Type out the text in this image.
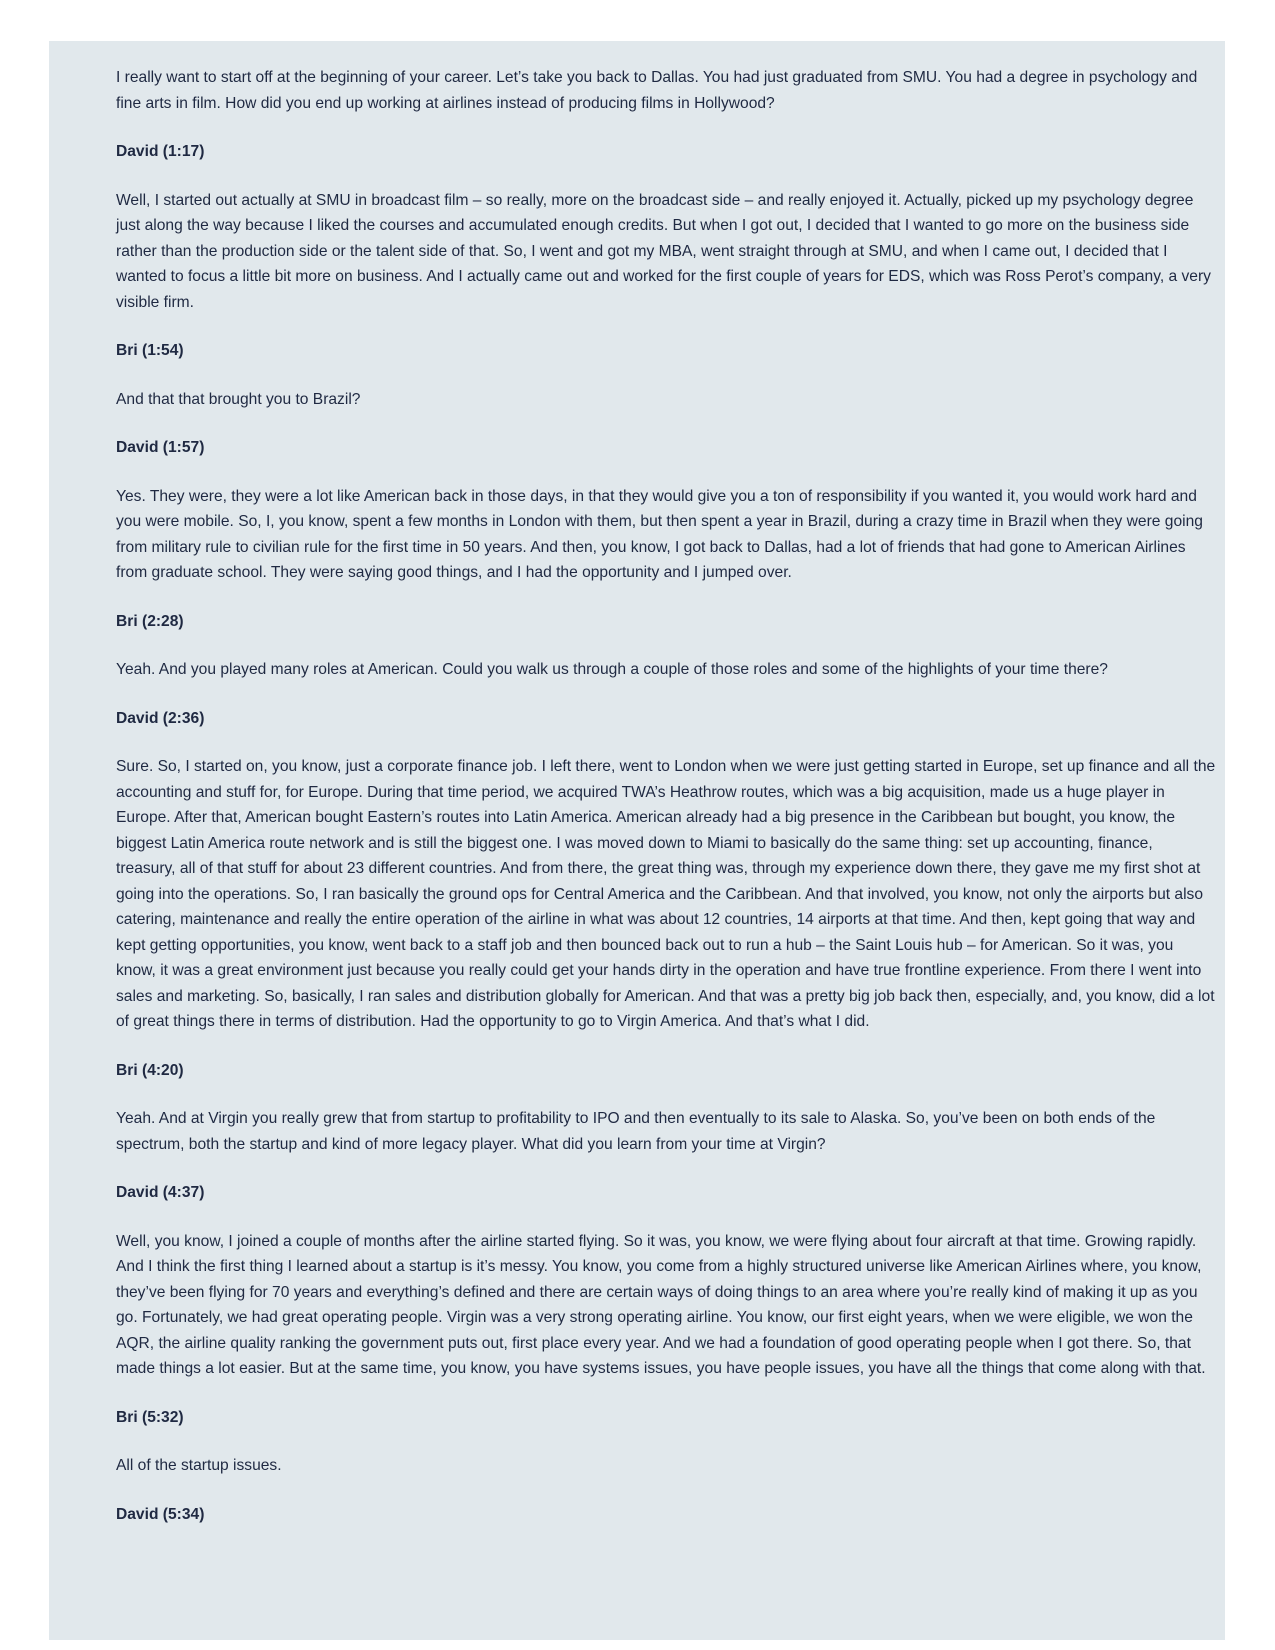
I really want to start off at the beginning of your career. Let’s take you back to Dallas. You had just graduated from SMU. You had a degree in psychology and fine arts in film. How did you end up working at airlines instead of producing films in Hollywood?

David (1:17)

Well, I started out actually at SMU in broadcast film – so really, more on the broadcast side – and really enjoyed it. Actually, picked up my psychology degree just along the way because I liked the courses and accumulated enough credits. But when I got out, I decided that I wanted to go more on the business side rather than the production side or the talent side of that. So, I went and got my MBA, went straight through at SMU, and when I came out, I decided that I wanted to focus a little bit more on business. And I actually came out and worked for the first couple of years for EDS, which was Ross Perot’s company, a very visible firm.

Bri (1:54)

And that that brought you to Brazil?

David (1:57)

Yes. They were, they were a lot like American back in those days, in that they would give you a ton of responsibility if you wanted it, you would work hard and you were mobile. So, I, you know, spent a few months in London with them, but then spent a year in Brazil, during a crazy time in Brazil when they were going from military rule to civilian rule for the first time in 50 years. And then, you know, I got back to Dallas, had a lot of friends that had gone to American Airlines from graduate school. They were saying good things, and I had the opportunity and I jumped over.

Bri (2:28)

Yeah. And you played many roles at American. Could you walk us through a couple of those roles and some of the highlights of your time there?

David (2:36)

Sure. So, I started on, you know, just a corporate finance job. I left there, went to London when we were just getting started in Europe, set up finance and all the accounting and stuff for, for Europe. During that time period, we acquired TWA’s Heathrow routes, which was a big acquisition, made us a huge player in Europe. After that, American bought Eastern’s routes into Latin America. American already had a big presence in the Caribbean but bought, you know, the biggest Latin America route network and is still the biggest one. I was moved down to Miami to basically do the same thing: set up accounting, finance, treasury, all of that stuff for about 23 different countries. And from there, the great thing was, through my experience down there, they gave me my first shot at going into the operations. So, I ran basically the ground ops for Central America and the Caribbean. And that involved, you know, not only the airports but also catering, maintenance and really the entire operation of the airline in what was about 12 countries, 14 airports at that time. And then, kept going that way and kept getting opportunities, you know, went back to a staff job and then bounced back out to run a hub – the Saint Louis hub – for American. So it was, you know, it was a great environment just because you really could get your hands dirty in the operation and have true frontline experience. From there I went into sales and marketing. So, basically, I ran sales and distribution globally for American. And that was a pretty big job back then, especially, and, you know, did a lot of great things there in terms of distribution. Had the opportunity to go to Virgin America. And that’s what I did.

Bri (4:20)

Yeah. And at Virgin you really grew that from startup to profitability to IPO and then eventually to its sale to Alaska. So, you’ve been on both ends of the spectrum, both the startup and kind of more legacy player. What did you learn from your time at Virgin?

David (4:37)

Well, you know, I joined a couple of months after the airline started flying. So it was, you know, we were flying about four aircraft at that time. Growing rapidly. And I think the first thing I learned about a startup is it’s messy. You know, you come from a highly structured universe like American Airlines where, you know, they’ve been flying for 70 years and everything’s defined and there are certain ways of doing things to an area where you’re really kind of making it up as you go. Fortunately, we had great operating people. Virgin was a very strong operating airline. You know, our first eight years, when we were eligible, we won the AQR, the airline quality ranking the government puts out, first place every year. And we had a foundation of good operating people when I got there. So, that made things a lot easier. But at the same time, you know, you have systems issues, you have people issues, you have all the things that come along with that.

Bri (5:32)

All of the startup issues.

David (5:34)
